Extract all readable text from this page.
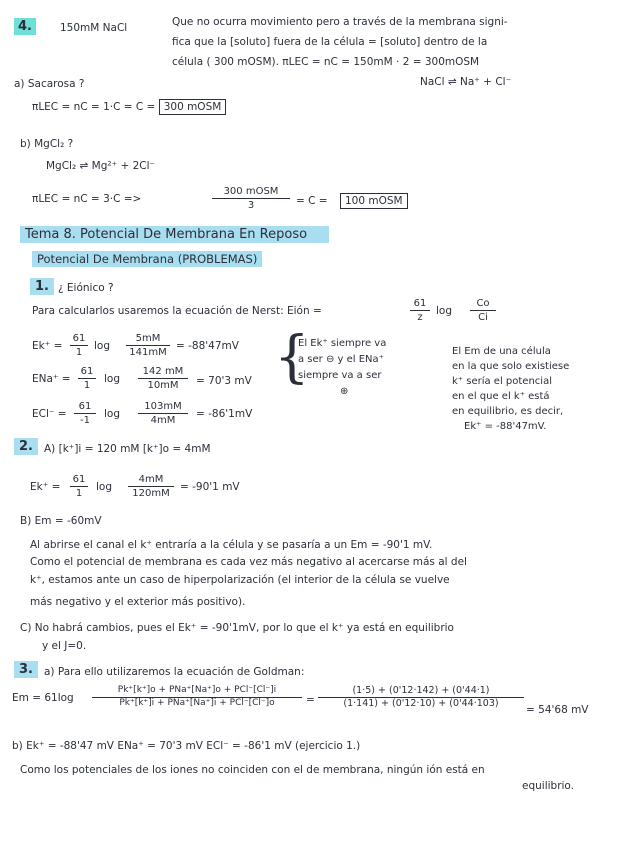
4.	150mM NaCl	Que no ocurra movimiento pero a través de la membrana signi-
fica que la [soluto] fuera de la célula = [soluto] dentro de la
célula ( 300 mOSM). πLEC = nC = 150mM · 2 = 300mOSM
NaCl ⇌ Na⁺ + Cl⁻
a) Sacarosa ?
πLEC = nC = 1·C = C = 300 mOSM
b) MgCl₂ ?
MgCl₂ ⇌ Mg²⁺ + 2Cl⁻
πLEC = nC = 3·C =>
300 mOSM
3	= C =	100 mOSM
Tema 8. Potencial De Membrana En Reposo
Potencial De Membrana (PROBLEMAS)
1. ¿ Eiónico ?
Para calcularlos usaremos la ecuación de Nerst: Eión =	$\frac{61}{z}$ $\log \frac{Co}{Ci}$
$Ek^+ = \frac{61}{1}$ $\log \frac{5mM}{141mM} = -88'47mV$
$ENa^+ = \frac{61}{1}$ $\log \frac{142 mM}{10mM} = 70'3$ mV
$ECl^- = \frac{61}{-1}$ $\log \frac{103mM}{4mM} = -86'1mV$
{
El Ek⁺ siempre va
a ser ⊖ y el ENa⁺
siempre va a ser
⊕
El Em de una célula
en la que solo existiese
k⁺ sería el potencial
en el que el k⁺ está
en equilibrio, es decir,
Ek⁺ = -88'47mV.
2.	A) [k⁺]i = 120 mM [k⁺]o = 4mM
$Ek^+ = \frac{61}{1}$ $\log \frac{4mM}{120mM} = -90'1$ mV
B) Em = -60mV
Al abrirse el canal el k⁺ entraría a la célula y se pasaría a un Em = -90'1 mV.
Como el potencial de membrana es cada vez más negativo al acercarse más al del
k⁺, estamos ante un caso de hiperpolarización (el interior de la célula se vuelve
más negativo y el exterior más positivo).
C) No habrá cambios, pues el Ek⁺ = -90'1mV, por lo que el k⁺ ya está en equilibrio
y el J=0.
3.	a) Para ello utilizaremos la ecuación de Goldman:
Em = 61log
Pk⁺[k⁺]o + PNa⁺[Na⁺]o + PCl⁻[Cl⁻]i
Pk⁺[k⁺]i + PNa⁺[Na⁺]i + PCl⁻[Cl⁻]o	= $\frac{(1\cdot 5) + (0'12\cdot 142) + (0'44\cdot 1)}{(1\cdot 141) + (0'12\cdot 10) + (0'44\cdot 103)}$
= 54'68 mV
b) Ek⁺ = -88'47 mV ENa⁺ = 70'3 mV ECl⁻ = -86'1 mV (ejercicio 1.)
Como los potenciales de los iones no coinciden con el de membrana, ningún ión está en
equilibrio.
